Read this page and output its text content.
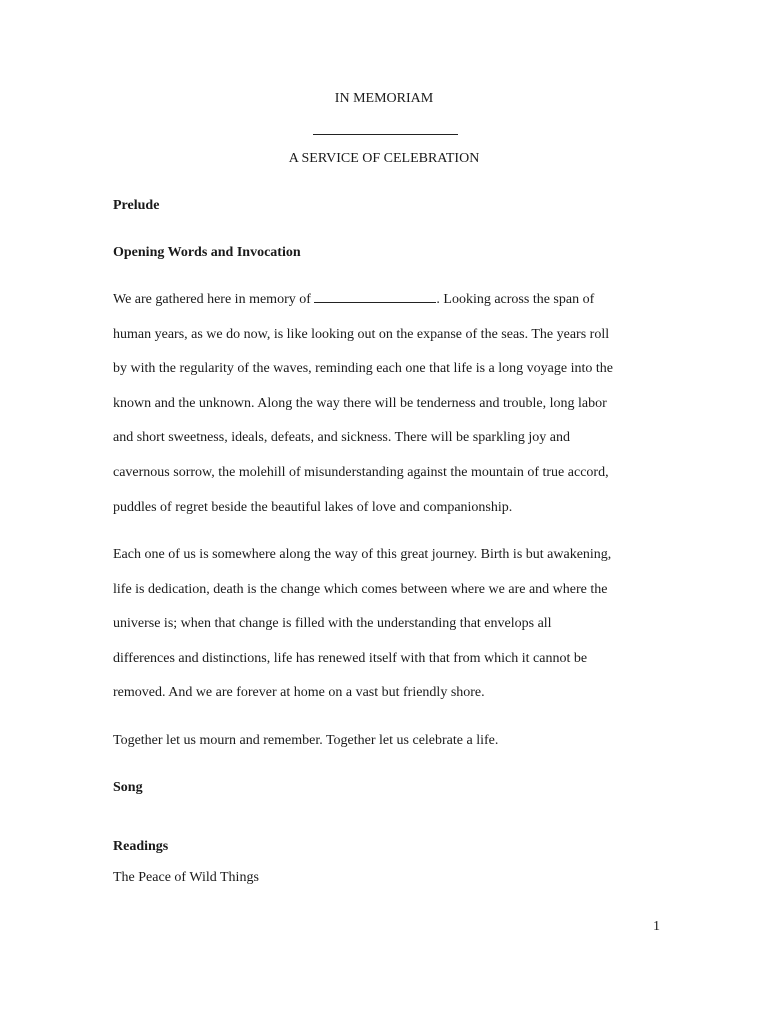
IN MEMORIAM
A SERVICE OF CELEBRATION

Prelude

Opening Words and Invocation

We are gathered here in memory of	. Looking across the span of
human years, as we do now, is like looking out on the expanse of the seas. The years roll
by with the regularity of the waves, reminding each one that life is a long voyage into the
known and the unknown. Along the way there will be tenderness and trouble, long labor
and short sweetness, ideals, defeats, and sickness. There will be sparkling joy and
cavernous sorrow, the molehill of misunderstanding against the mountain of true accord,
puddles of regret beside the beautiful lakes of love and companionship.
Each one of us is somewhere along the way of this great journey. Birth is but awakening,
life is dedication, death is the change which comes between where we are and where the
universe is; when that change is filled with the understanding that envelops all
differences and distinctions, life has renewed itself with that from which it cannot be
removed. And we are forever at home on a vast but friendly shore.

Together let us mourn and remember. Together let us celebrate a life.

Song

Readings

The Peace of Wild Things

1
